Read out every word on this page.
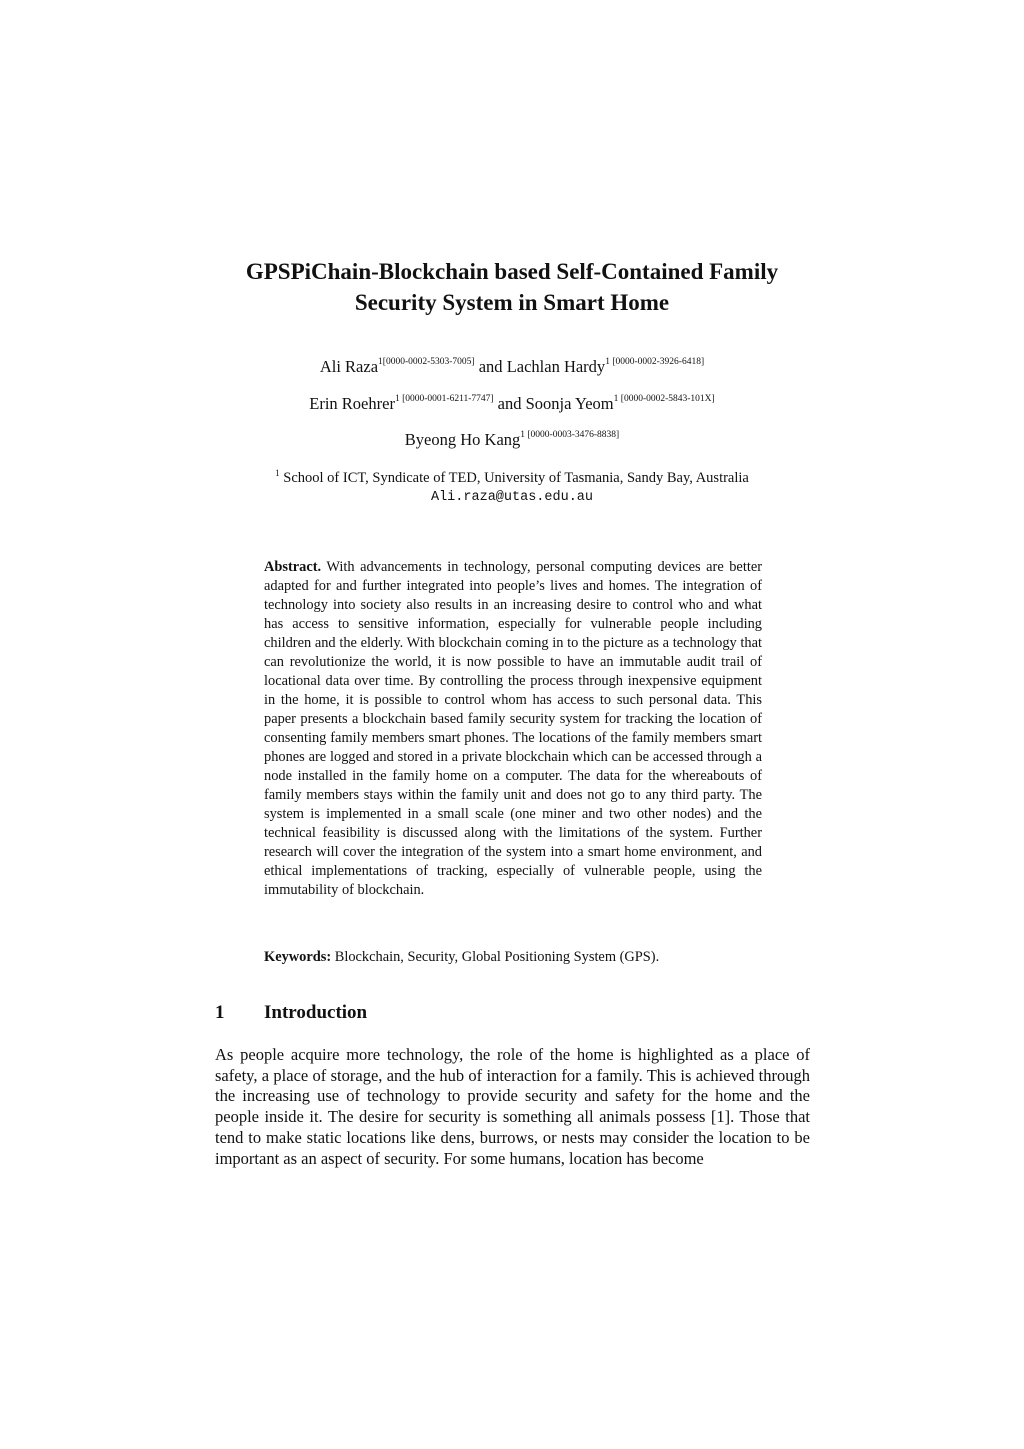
GPSPiChain-Blockchain based Self-Contained Family
Security System in Smart Home
Ali Raza$^{1[0000-0002-5303-7005]}$ and Lachlan Hardy$^{1 [0000-0002-3926-6418]}$
Erin Roehrer$^{1 [0000-0001-6211-7747]}$ and Soonja Yeom$^{1 [0000-0002-5843-101X]}$
Byeong Ho Kang$^{1 [0000-0003-3476-8838]}$
$^1$ School of ICT, Syndicate of TED, University of Tasmania, Sandy Bay, Australia
Ali.raza@utas.edu.au

Abstract. With advancements in technology, personal computing devices are better adapted for and further integrated into people’s lives and homes. The integration of technology into society also results in an increasing desire to control who and what has access to sensitive information, especially for vulnerable people including children and the elderly. With blockchain coming in to the picture as a technology that can revolutionize the world, it is now possible to have an immutable audit trail of locational data over time. By controlling the process through inexpensive equipment in the home, it is possible to control whom has access to such personal data. This paper presents a blockchain based family security system for tracking the location of consenting family members smart phones. The locations of the family members smart phones are logged and stored in a private blockchain which can be accessed through a node installed in the family home on a computer. The data for the whereabouts of family members stays within the family unit and does not go to any third party. The system is implemented in a small scale (one miner and two other nodes) and the technical feasibility is discussed along with the limitations of the system. Further research will cover the integration of the system into a smart home environment, and ethical implementations of tracking, especially of vulnerable people, using the immutability of blockchain.

Keywords: Blockchain, Security, Global Positioning System (GPS).

1 Introduction

As people acquire more technology, the role of the home is highlighted as a place of safety, a place of storage, and the hub of interaction for a family. This is achieved through the increasing use of technology to provide security and safety for the home and the people inside it. The desire for security is something all animals possess [1]. Those that tend to make static locations like dens, burrows, or nests may consider the location to be important as an aspect of security. For some humans, location has become
